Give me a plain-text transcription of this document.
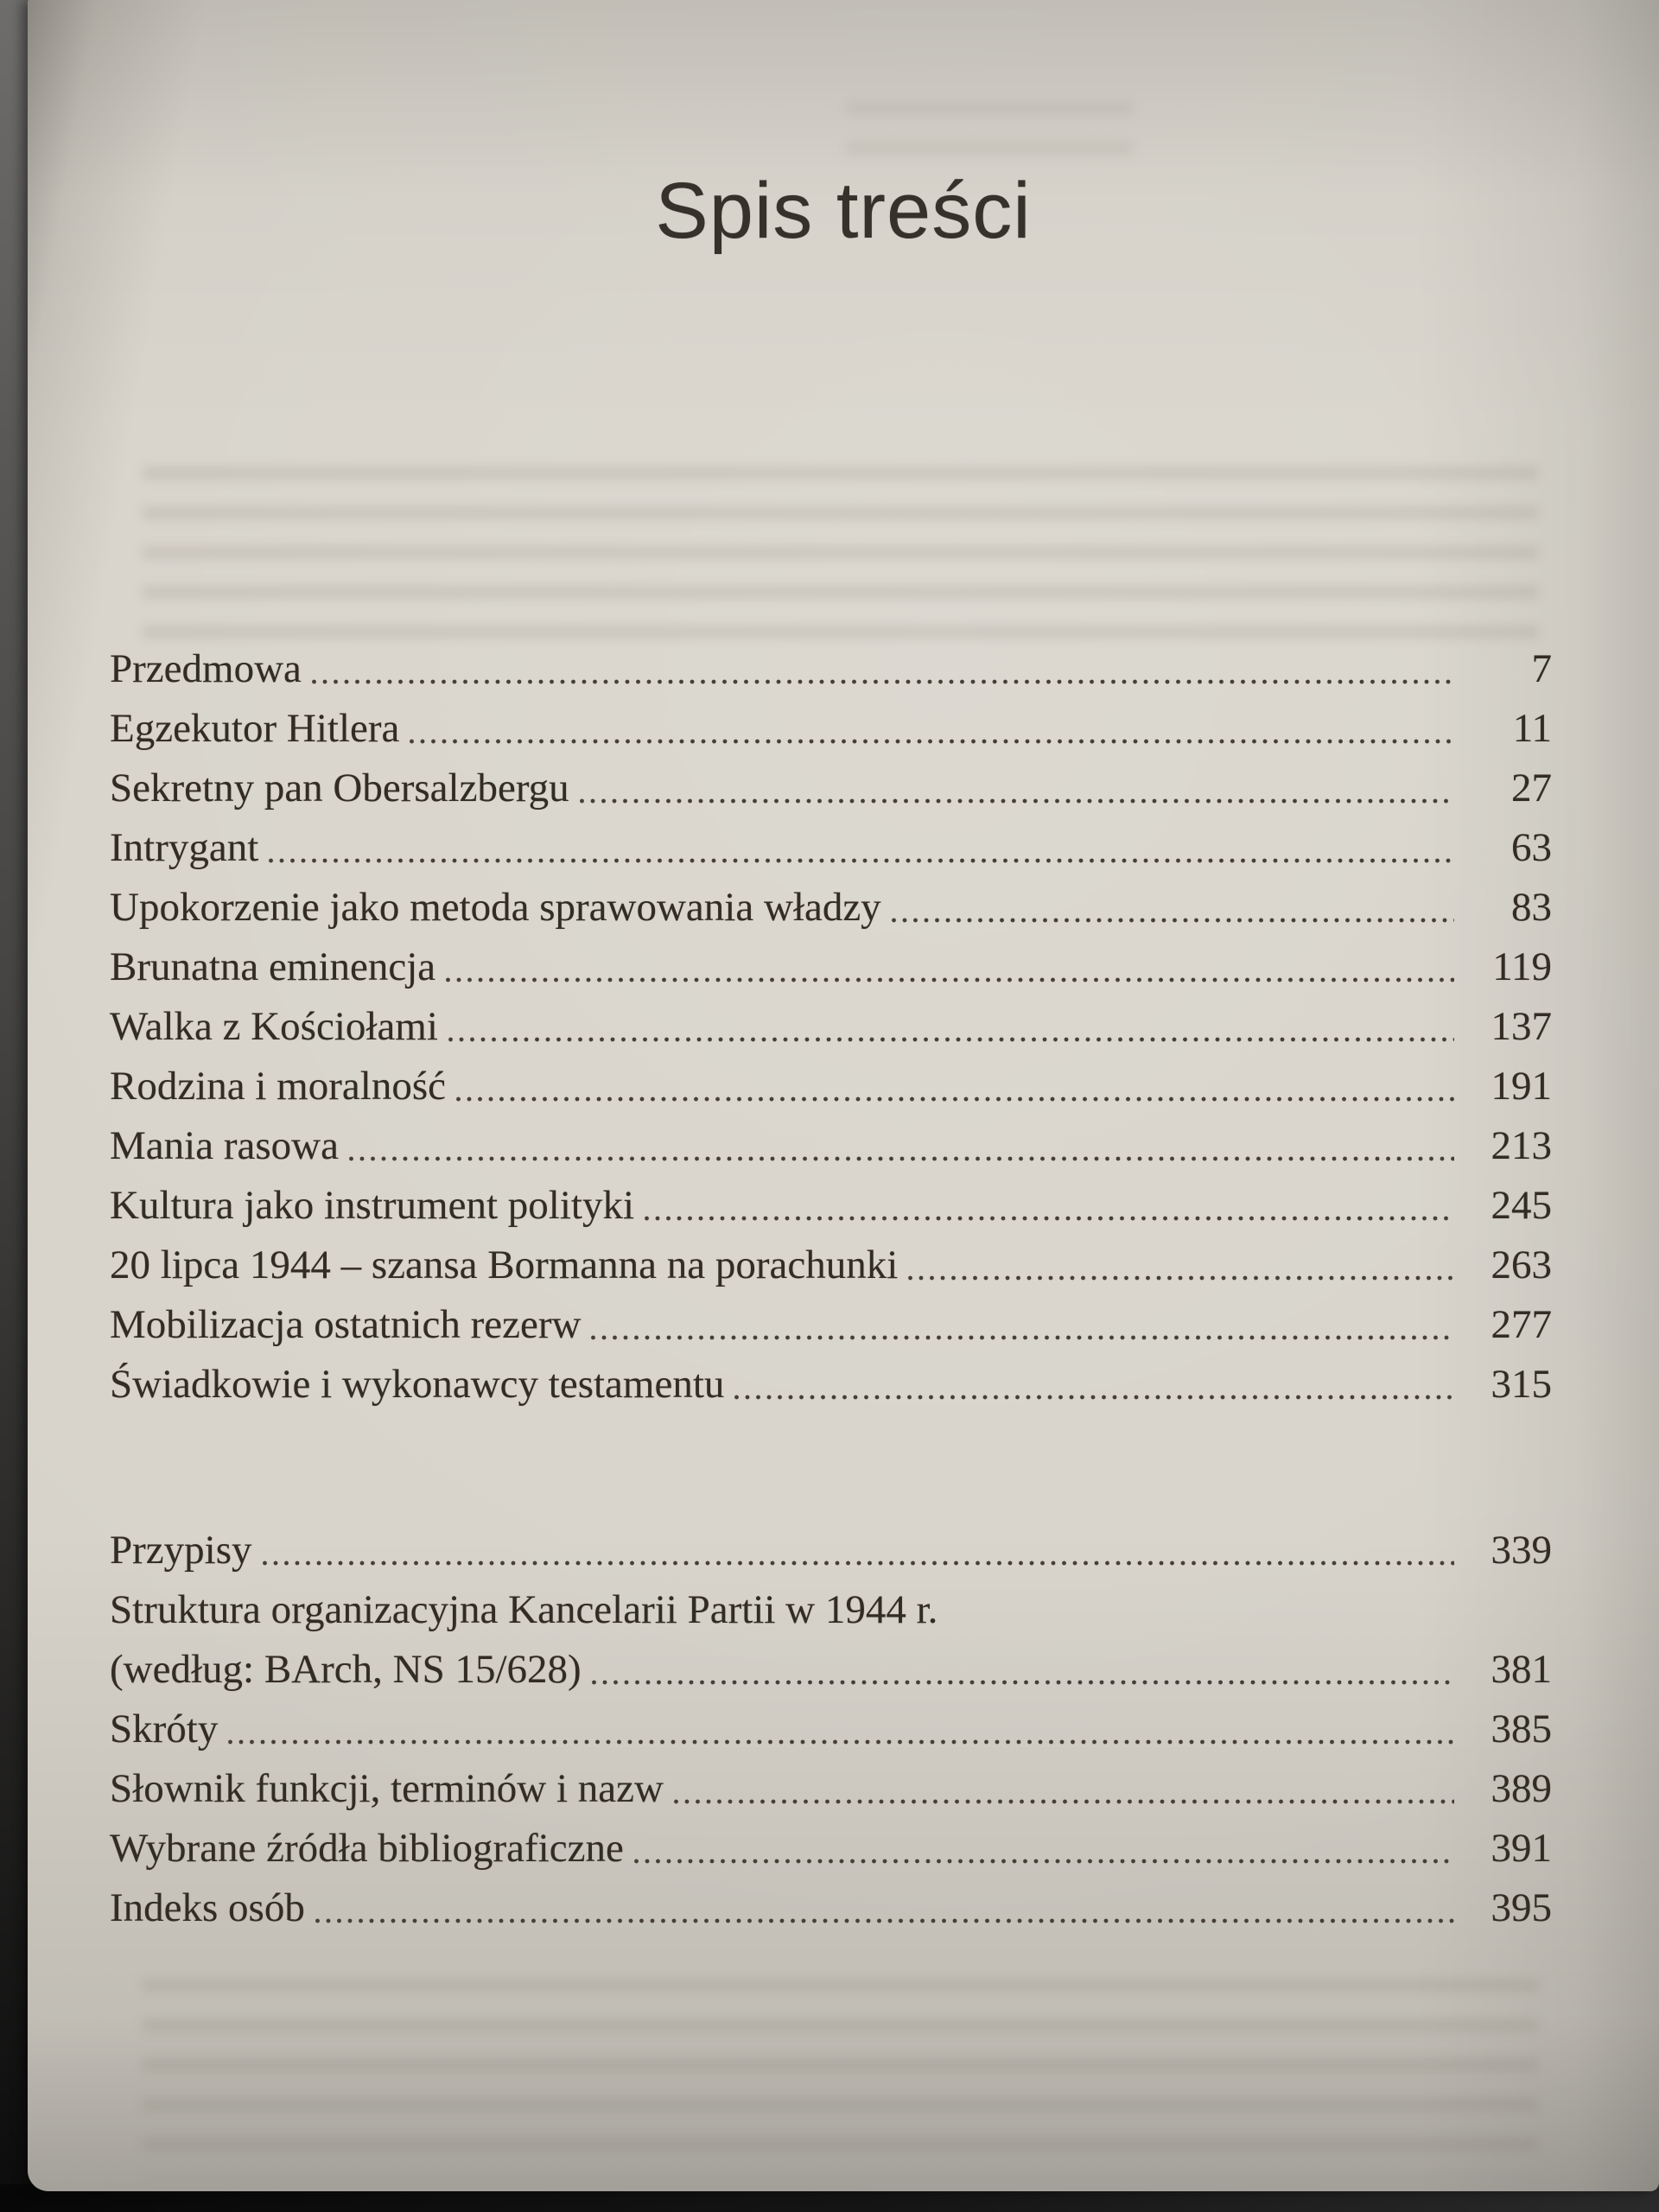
Spis treści
Przedmowa	7
Egzekutor Hitlera	11
Sekretny pan Obersalzbergu	27
Intrygant	63
Upokorzenie jako metoda sprawowania władzy	83
Brunatna eminencja	119
Walka z Kościołami	137
Rodzina i moralność	191
Mania rasowa	213
Kultura jako instrument polityki	245
20 lipca 1944 – szansa Bormanna na porachunki	263
Mobilizacja ostatnich rezerw	277
Świadkowie i wykonawcy testamentu	315
Przypisy	339
Struktura organizacyjna Kancelarii Partii w 1944 r.
(według: BArch, NS 15/628)	381
Skróty	385
Słownik funkcji, terminów i nazw	389
Wybrane źródła bibliograficzne	391
Indeks osób	395
